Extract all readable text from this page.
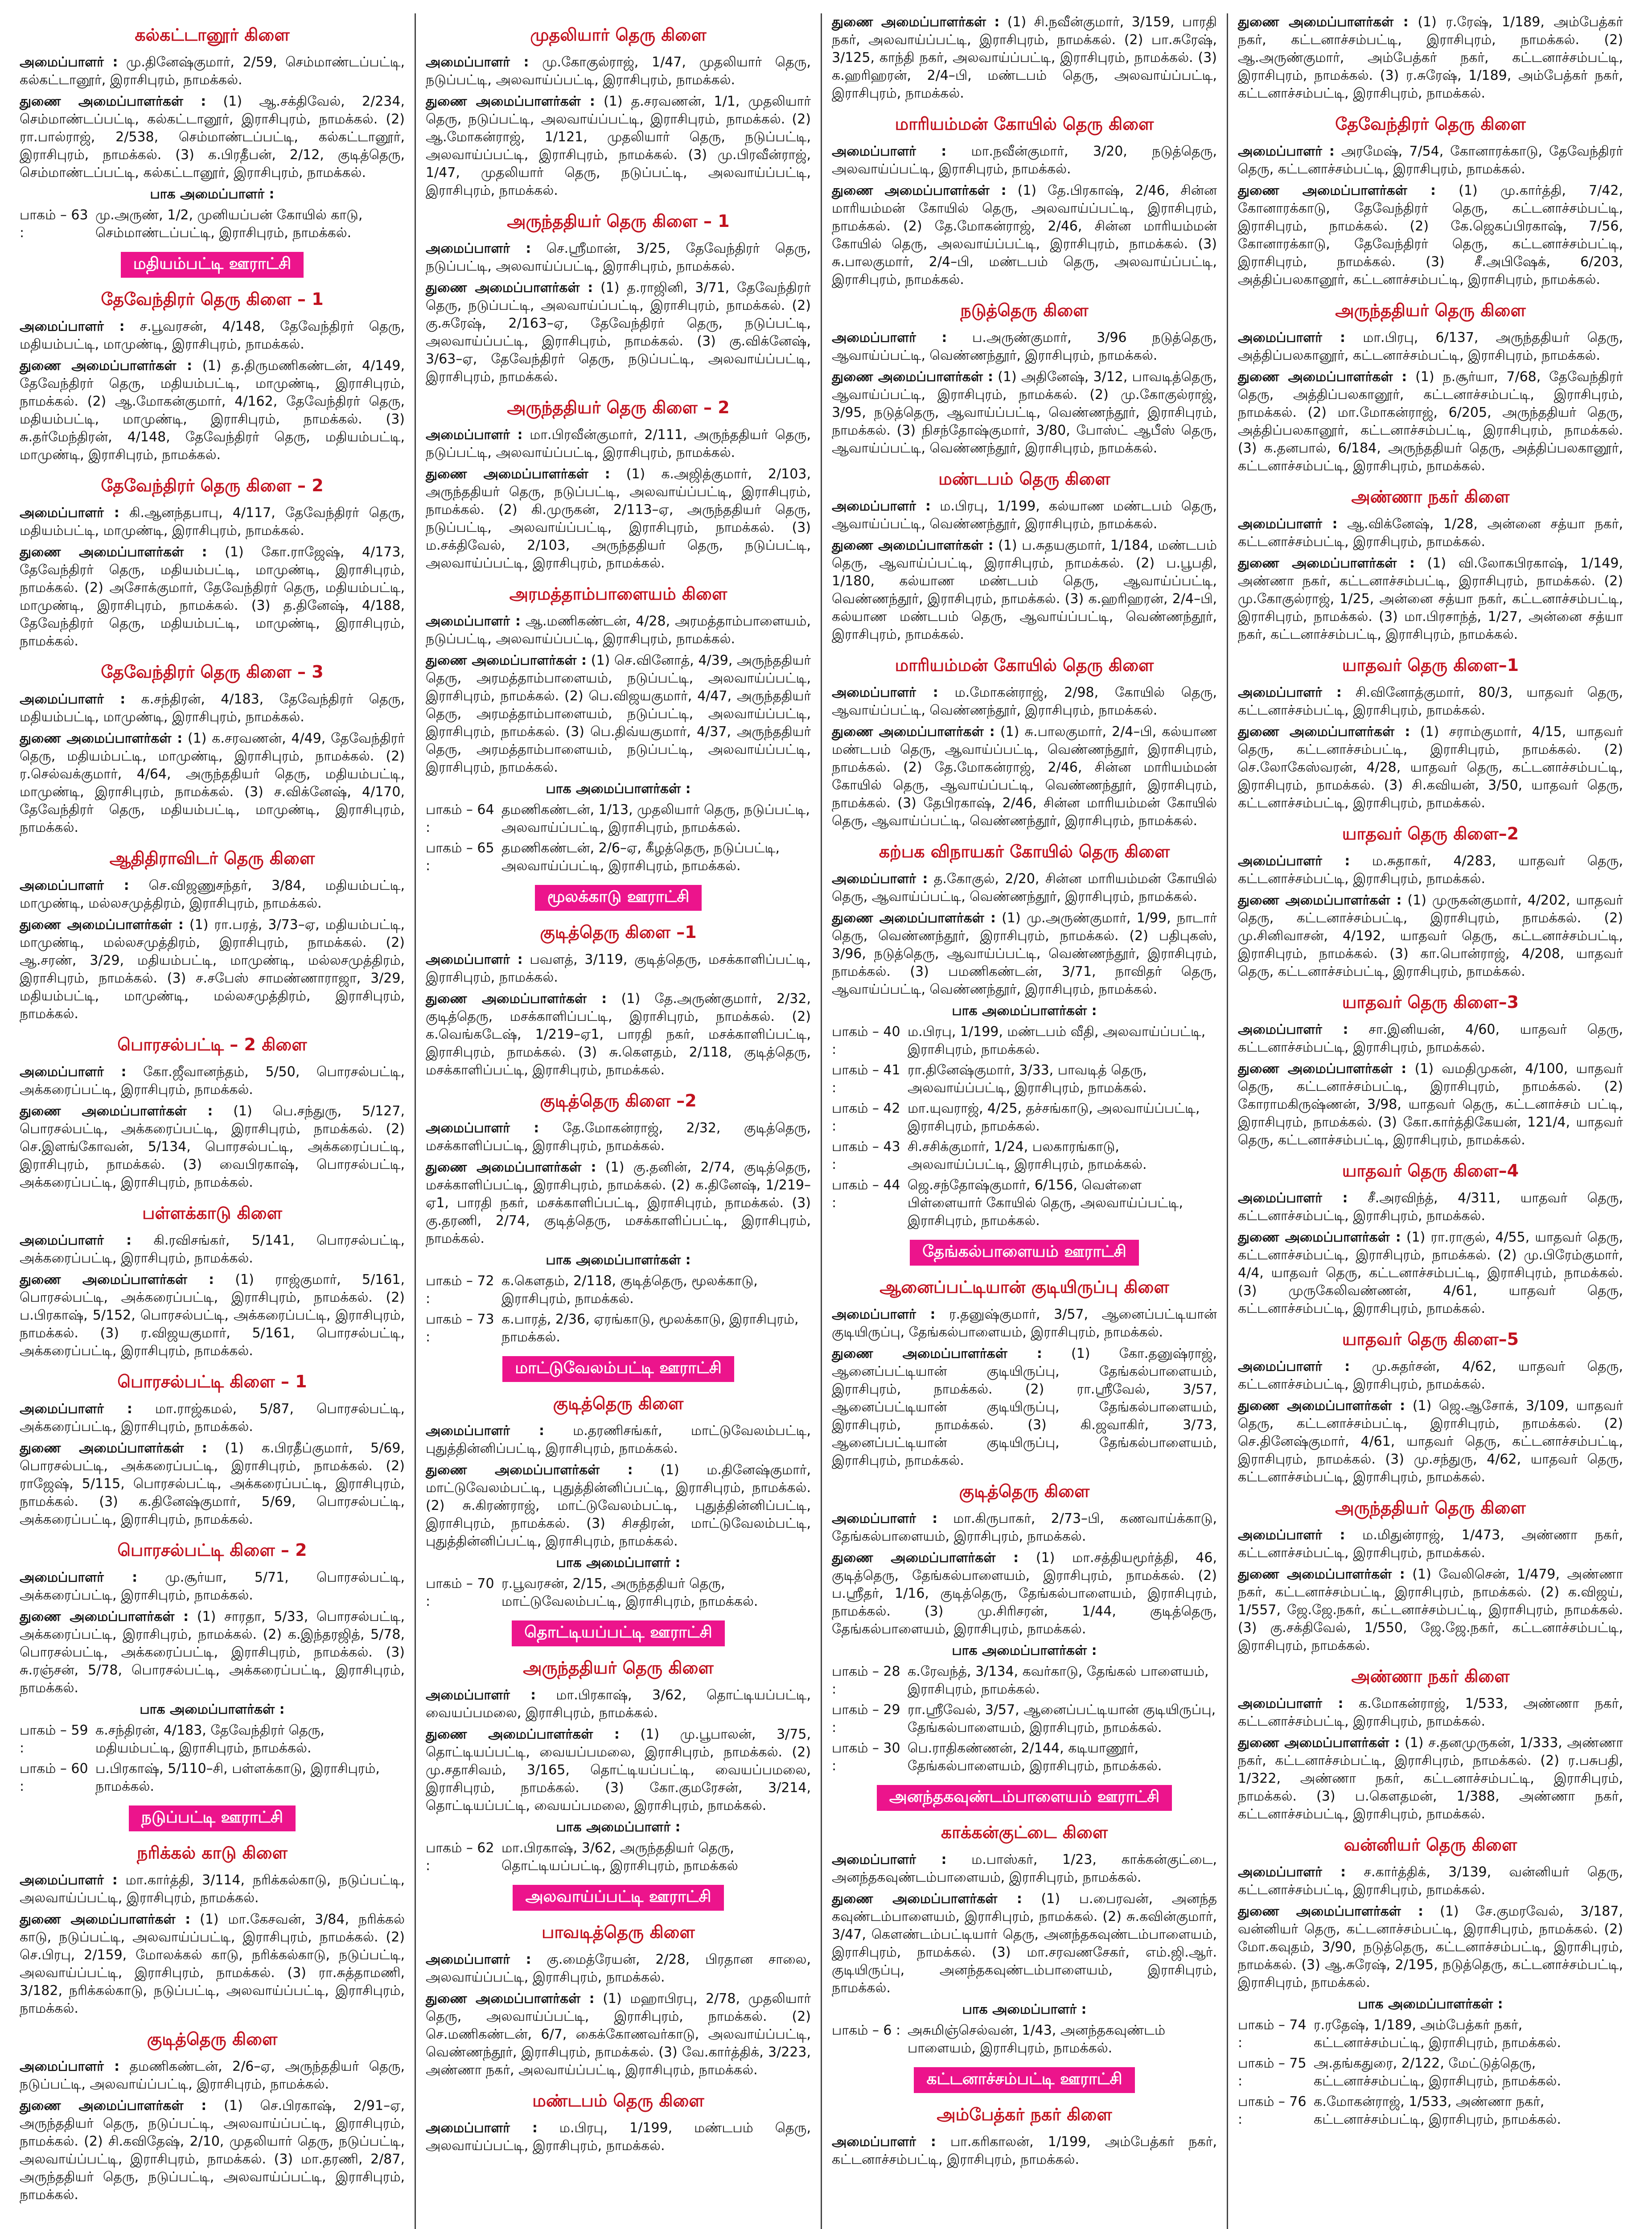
கல்கட்டானூர் கிளை
அமைப்பாளர் : மு.தினேஷ்குமார், 2/59, செம்மாண்டப்பட்டி, கல்கட்டானூர், இராசிபுரம், நாமக்கல்.
துணை அமைப்பாளர்கள் : (1) ஆ.சக்திவேல், 2/234, செம்மாண்டப்பட்டி, கல்கட்டானூர், இராசிபுரம், நாமக்கல். (2) ரா.பால்ராஜ், 2/538, செம்மாண்டப்பட்டி, கல்கட்டானூர், இராசிபுரம், நாமக்கல். (3) க.பிரதீபன், 2/12, குடித்தெரு, செம்மாண்டப்பட்டி, கல்கட்டானூர், இராசிபுரம், நாமக்கல்.
பாக அமைப்பாளர் :
பாகம் – 63 :
மு.அருண், 1/2, முனியப்பன் கோயில் காடு, செம்மாண்டப்பட்டி, இராசிபுரம், நாமக்கல்.
மதியம்பட்டி ஊராட்சி
தேவேந்திரர் தெரு கிளை – 1
அமைப்பாளர் : ச.பூவரசன், 4/148, தேவேந்திரர் தெரு, மதியம்பட்டி, மாமுண்டி, இராசிபுரம், நாமக்கல்.
துணை அமைப்பாளர்கள் : (1) த.திருமணிகண்டன், 4/149, தேவேந்திரர் தெரு, மதியம்பட்டி, மாமுண்டி, இராசிபுரம், நாமக்கல். (2) ஆ.மோகன்குமார், 4/162, தேவேந்திரர் தெரு, மதியம்பட்டி, மாமுண்டி, இராசிபுரம், நாமக்கல். (3) சு.தர்மேந்திரன், 4/148, தேவேந்திரர் தெரு, மதியம்பட்டி, மாமுண்டி, இராசிபுரம், நாமக்கல்.
தேவேந்திரர் தெரு கிளை – 2
அமைப்பாளர் : கி.ஆனந்தபாபு, 4/117, தேவேந்திரர் தெரு, மதியம்பட்டி, மாமுண்டி, இராசிபுரம், நாமக்கல்.
துணை அமைப்பாளர்கள் : (1) கோ.ராஜேஷ், 4/173, தேவேந்திரர் தெரு, மதியம்பட்டி, மாமுண்டி, இராசிபுரம், நாமக்கல். (2) அசோக்குமார், தேவேந்திரர் தெரு, மதியம்பட்டி, மாமுண்டி, இராசிபுரம், நாமக்கல். (3) த.தினேஷ், 4/188, தேவேந்திரர் தெரு, மதியம்பட்டி, மாமுண்டி, இராசிபுரம், நாமக்கல்.
தேவேந்திரர் தெரு கிளை – 3
அமைப்பாளர் : க.சந்திரன், 4/183, தேவேந்திரர் தெரு, மதியம்பட்டி, மாமுண்டி, இராசிபுரம், நாமக்கல்.
துணை அமைப்பாளர்கள் : (1) க.சரவணன், 4/49, தேவேந்திரர் தெரு, மதியம்பட்டி, மாமுண்டி, இராசிபுரம், நாமக்கல். (2) ர.செல்வக்குமார், 4/64, அருந்ததியர் தெரு, மதியம்பட்டி, மாமுண்டி, இராசிபுரம், நாமக்கல். (3) ச.விக்னேஷ், 4/170, தேவேந்திரர் தெரு, மதியம்பட்டி, மாமுண்டி, இராசிபுரம், நாமக்கல்.
ஆதிதிராவிடர் தெரு கிளை
அமைப்பாளர் : செ.விஜணுசந்தர், 3/84, மதியம்பட்டி, மாமுண்டி, மல்லசமுத்திரம், இராசிபுரம், நாமக்கல்.
துணை அமைப்பாளர்கள் : (1) ரா.பரத், 3/73–ஏ, மதியம்பட்டி, மாமுண்டி, மல்லசமுத்திரம், இராசிபுரம், நாமக்கல். (2) ஆ.சரண், 3/29, மதியம்பட்டி, மாமுண்டி, மல்லசமுத்திரம், இராசிபுரம், நாமக்கல். (3) ச.சபேஸ் சாமண்ணாராஜா, 3/29, மதியம்பட்டி, மாமுண்டி, மல்லசமுத்திரம், இராசிபுரம், நாமக்கல்.
பொரசல்பட்டி – 2 கிளை
அமைப்பாளர் : கோ.ஜீவானந்தம், 5/50, பொரசல்பட்டி, அக்கரைப்பட்டி, இராசிபுரம், நாமக்கல்.
துணை அமைப்பாளர்கள் : (1) பெ.சந்துரு, 5/127, பொரசல்பட்டி, அக்கரைப்பட்டி, இராசிபுரம், நாமக்கல். (2) செ.இளங்கோவன், 5/134, பொரசல்பட்டி, அக்கரைப்பட்டி, இராசிபுரம், நாமக்கல். (3) வைபிரகாஷ், பொரசல்பட்டி, அக்கரைப்பட்டி, இராசிபுரம், நாமக்கல்.
பள்ளக்காடு கிளை
அமைப்பாளர் : கி.ரவிசங்கர், 5/141, பொரசல்பட்டி, அக்கரைப்பட்டி, இராசிபுரம், நாமக்கல்.
துணை அமைப்பாளர்கள் : (1) ராஜ்குமார், 5/161, பொரசல்பட்டி, அக்கரைப்பட்டி, இராசிபுரம், நாமக்கல். (2) ப.பிரகாஷ், 5/152, பொரசல்பட்டி, அக்கரைப்பட்டி, இராசிபுரம், நாமக்கல். (3) ர.விஜயகுமார், 5/161, பொரசல்பட்டி, அக்கரைப்பட்டி, இராசிபுரம், நாமக்கல்.
பொரசல்பட்டி கிளை – 1
அமைப்பாளர் : மா.ராஜ்கமல், 5/87, பொரசல்பட்டி, அக்கரைப்பட்டி, இராசிபுரம், நாமக்கல்.
துணை அமைப்பாளர்கள் : (1) க.பிரதீப்குமார், 5/69, பொரசல்பட்டி, அக்கரைப்பட்டி, இராசிபுரம், நாமக்கல். (2) ராஜேஷ், 5/115, பொரசல்பட்டி, அக்கரைப்பட்டி, இராசிபுரம், நாமக்கல். (3) க.தினேஷ்குமார், 5/69, பொரசல்பட்டி, அக்கரைப்பட்டி, இராசிபுரம், நாமக்கல்.
பொரசல்பட்டி கிளை – 2
அமைப்பாளர் : மு.சூர்யா, 5/71, பொரசல்பட்டி, அக்கரைப்பட்டி, இராசிபுரம், நாமக்கல்.
துணை அமைப்பாளர்கள் : (1) சாரதா, 5/33, பொரசல்பட்டி, அக்கரைப்பட்டி, இராசிபுரம், நாமக்கல். (2) க.இந்தரஜித், 5/78, பொரசல்பட்டி, அக்கரைப்பட்டி, இராசிபுரம், நாமக்கல். (3) சு.ரஞ்சன், 5/78, பொரசல்பட்டி, அக்கரைப்பட்டி, இராசிபுரம், நாமக்கல்.
பாக அமைப்பாளர்கள் :
பாகம் – 59 :
க.சந்திரன், 4/183, தேவேந்திரர் தெரு, மதியம்பட்டி, இராசிபுரம், நாமக்கல்.
பாகம் – 60 :
ப.பிரகாஷ், 5/110–சி, பள்ளக்காடு, இராசிபுரம், நாமக்கல்.
நடுப்பட்டி ஊராட்சி
நரிக்கல் காடு கிளை
அமைப்பாளர் : மா.கார்த்தி, 3/114, நரிக்கல்காடு, நடுப்பட்டி, அலவாய்ப்பட்டி, இராசிபுரம், நாமக்கல்.
துணை அமைப்பாளர்கள் : (1) மா.கேசவன், 3/84, நரிக்கல் காடு, நடுப்பட்டி, அலவாய்ப்பட்டி, இராசிபுரம், நாமக்கல். (2) செ.பிரபு, 2/159, மோலக்கல் காடு, நரிக்கல்காடு, நடுப்பட்டி, அலவாய்ப்பட்டி, இராசிபுரம், நாமக்கல். (3) ரா.சுத்தாமணி, 3/182, நரிக்கல்காடு, நடுப்பட்டி, அலவாய்ப்பட்டி, இராசிபுரம், நாமக்கல்.
குடித்தெரு கிளை
அமைப்பாளர் : தமணிகண்டன், 2/6–ஏ, அருந்ததியர் தெரு, நடுப்பட்டி, அலவாய்ப்பட்டி, இராசிபுரம், நாமக்கல்.
துணை அமைப்பாளர்கள் : (1) செ.பிரகாஷ், 2/91–ஏ, அருந்ததியர் தெரு, நடுப்பட்டி, அலவாய்ப்பட்டி, இராசிபுரம், நாமக்கல். (2) சி.கவிதேஷ், 2/10, முதலியார் தெரு, நடுப்பட்டி, அலவாய்ப்பட்டி, இராசிபுரம், நாமக்கல். (3) மா.தரணி, 2/87, அருந்ததியர் தெரு, நடுப்பட்டி, அலவாய்ப்பட்டி, இராசிபுரம், நாமக்கல்.
முதலியார் தெரு கிளை
அமைப்பாளர் : மு.கோகுல்ராஜ், 1/47, முதலியார் தெரு, நடுப்பட்டி, அலவாய்ப்பட்டி, இராசிபுரம், நாமக்கல்.
துணை அமைப்பாளர்கள் : (1) த.சரவணன், 1/1, முதலியார் தெரு, நடுப்பட்டி, அலவாய்ப்பட்டி, இராசிபுரம், நாமக்கல். (2) ஆ.மோகன்ராஜ், 1/121, முதலியார் தெரு, நடுப்பட்டி, அலவாய்ப்பட்டி, இராசிபுரம், நாமக்கல். (3) மு.பிரவீன்ராஜ், 1/47, முதலியார் தெரு, நடுப்பட்டி, அலவாய்ப்பட்டி, இராசிபுரம், நாமக்கல்.
அருந்ததியர் தெரு கிளை – 1
அமைப்பாளர் : செ.ஸ்ரீமான், 3/25, தேவேந்திரர் தெரு, நடுப்பட்டி, அலவாய்ப்பட்டி, இராசிபுரம், நாமக்கல்.
துணை அமைப்பாளர்கள் : (1) த.ராஜினி, 3/71, தேவேந்திரர் தெரு, நடுப்பட்டி, அலவாய்ப்பட்டி, இராசிபுரம், நாமக்கல். (2) கு.சுரேஷ், 2/163–ஏ, தேவேந்திரர் தெரு, நடுப்பட்டி, அலவாய்ப்பட்டி, இராசிபுரம், நாமக்கல். (3) கு.விக்னேஷ், 3/63–ஏ, தேவேந்திரர் தெரு, நடுப்பட்டி, அலவாய்ப்பட்டி, இராசிபுரம், நாமக்கல்.
அருந்ததியர் தெரு கிளை – 2
அமைப்பாளர் : மா.பிரவீன்குமார், 2/111, அருந்ததியர் தெரு, நடுப்பட்டி, அலவாய்ப்பட்டி, இராசிபுரம், நாமக்கல்.
துணை அமைப்பாளர்கள் : (1) க.அஜித்குமார், 2/103, அருந்ததியர் தெரு, நடுப்பட்டி, அலவாய்ப்பட்டி, இராசிபுரம், நாமக்கல். (2) கி.முருகன், 2/113–ஏ, அருந்ததியர் தெரு, நடுப்பட்டி, அலவாய்ப்பட்டி, இராசிபுரம், நாமக்கல். (3) ம.சக்திவேல், 2/103, அருந்ததியர் தெரு, நடுப்பட்டி, அலவாய்ப்பட்டி, இராசிபுரம், நாமக்கல்.
அரமத்தாம்பாளையம் கிளை
அமைப்பாளர் : ஆ.மணிகண்டன், 4/28, அரமத்தாம்பாளையம், நடுப்பட்டி, அலவாய்ப்பட்டி, இராசிபுரம், நாமக்கல்.
துணை அமைப்பாளர்கள் : (1) செ.வினோத், 4/39, அருந்ததியர் தெரு, அரமத்தாம்பாளையம், நடுப்பட்டி, அலவாய்ப்பட்டி, இராசிபுரம், நாமக்கல். (2) பெ.விஜயகுமார், 4/47, அருந்ததியர் தெரு, அரமத்தாம்பாளையம், நடுப்பட்டி, அலவாய்ப்பட்டி, இராசிபுரம், நாமக்கல். (3) பெ.திவ்யகுமார், 4/37, அருந்ததியர் தெரு, அரமத்தாம்பாளையம், நடுப்பட்டி, அலவாய்ப்பட்டி, இராசிபுரம், நாமக்கல்.
பாக அமைப்பாளர்கள் :
பாகம் – 64 :
தமணிகண்டன், 1/13, முதலியார் தெரு, நடுப்பட்டி, அலவாய்ப்பட்டி, இராசிபுரம், நாமக்கல்.
பாகம் – 65 :
தமணிகண்டன், 2/6–ஏ, கீழத்தெரு, நடுப்பட்டி, அலவாய்ப்பட்டி, இராசிபுரம், நாமக்கல்.
மூலக்காடு ஊராட்சி
குடித்தெரு கிளை –1
அமைப்பாளர் : பவளத், 3/119, குடித்தெரு, மசக்காளிப்பட்டி, இராசிபுரம், நாமக்கல்.
துணை அமைப்பாளர்கள் : (1) தே.அருண்குமார், 2/32, குடித்தெரு, மசக்காளிப்பட்டி, இராசிபுரம், நாமக்கல். (2) க.வெங்கடேஷ், 1/219–ஏ1, பாரதி நகர், மசக்காளிப்பட்டி, இராசிபுரம், நாமக்கல். (3) சு.கௌதம், 2/118, குடித்தெரு, மசக்காளிப்பட்டி, இராசிபுரம், நாமக்கல்.
குடித்தெரு கிளை –2
அமைப்பாளர் : தே.மோகன்ராஜ், 2/32, குடித்தெரு, மசக்காளிப்பட்டி, இராசிபுரம், நாமக்கல்.
துணை அமைப்பாளர்கள் : (1) கு.தனின், 2/74, குடித்தெரு, மசக்காளிப்பட்டி, இராசிபுரம், நாமக்கல். (2) க.தினேஷ், 1/219–ஏ1, பாரதி நகர், மசக்காளிப்பட்டி, இராசிபுரம், நாமக்கல். (3) கு.தரணி, 2/74, குடித்தெரு, மசக்காளிப்பட்டி, இராசிபுரம், நாமக்கல்.
பாக அமைப்பாளர்கள் :
பாகம் – 72 :
க.கௌதம், 2/118, குடித்தெரு, மூலக்காடு, இராசிபுரம், நாமக்கல்.
பாகம் – 73 :
க.பாரத், 2/36, ஏரங்காடு, மூலக்காடு, இராசிபுரம், நாமக்கல்.
மாட்டுவேலம்பட்டி ஊராட்சி
குடித்தெரு கிளை
அமைப்பாளர் : ம.தரணிசங்கர், மாட்டுவேலம்பட்டி, புதுத்தின்னிப்பட்டி, இராசிபுரம், நாமக்கல்.
துணை அமைப்பாளர்கள் : (1) ம.தினேஷ்குமார், மாட்டுவேலம்பட்டி, புதுத்தின்னிப்பட்டி, இராசிபுரம், நாமக்கல். (2) சு.கிரண்ராஜ், மாட்டுவேலம்பட்டி, புதுத்தின்னிப்பட்டி, இராசிபுரம், நாமக்கல். (3) சிசதிரன், மாட்டுவேலம்பட்டி, புதுத்தின்னிப்பட்டி, இராசிபுரம், நாமக்கல்.
பாக அமைப்பாளர் :
பாகம் – 70 :
ர.பூவரசன், 2/15, அருந்ததியர் தெரு, மாட்டுவேலம்பட்டி, இராசிபுரம், நாமக்கல்.
தொட்டியப்பட்டி ஊராட்சி
அருந்ததியர் தெரு கிளை
அமைப்பாளர் : மா.பிரகாஷ், 3/62, தொட்டியப்பட்டி, வையப்பமலை, இராசிபுரம், நாமக்கல்.
துணை அமைப்பாளர்கள் : (1) மு.பூபாலன், 3/75, தொட்டியப்பட்டி, வையப்பமலை, இராசிபுரம், நாமக்கல். (2) மு.சதாசிவம், 3/165, தொட்டியப்பட்டி, வையப்பமலை, இராசிபுரம், நாமக்கல். (3) கோ.குமரேசன், 3/214, தொட்டியப்பட்டி, வையப்பமலை, இராசிபுரம், நாமக்கல்.
பாக அமைப்பாளர் :
பாகம் – 62 :
மா.பிரகாஷ், 3/62, அருந்ததியர் தெரு, தொட்டியப்பட்டி, இராசிபுரம், நாமக்கல்
அலவாய்ப்பட்டி ஊராட்சி
பாவடித்தெரு கிளை
அமைப்பாளர் : கு.மைத்ரேயன், 2/28, பிரதான சாலை, அலவாய்ப்பட்டி, இராசிபுரம், நாமக்கல்.
துணை அமைப்பாளர்கள் : (1) மஹாபிரபு, 2/78, முதலியார் தெரு, அலவாய்ப்பட்டி, இராசிபுரம், நாமக்கல். (2) செ.மணிகண்டன், 6/7, கைக்கோணவர்காடு, அலவாய்ப்பட்டி, வெண்ணந்தூர், இராசிபுரம், நாமக்கல். (3) வே.கார்த்திக், 3/223, அண்ணா நகர், அலவாய்ப்பட்டி, இராசிபுரம், நாமக்கல்.
மண்டபம் தெரு கிளை
அமைப்பாளர் : ம.பிரபு, 1/199, மண்டபம் தெரு, அலவாய்ப்பட்டி, இராசிபுரம், நாமக்கல்.
துணை அமைப்பாளர்கள் : (1) சி.நவீன்குமார், 3/159, பாரதி நகர், அலவாய்ப்பட்டி, இராசிபுரம், நாமக்கல். (2) பா.சுரேஷ், 3/125, காந்தி நகர், அலவாய்ப்பட்டி, இராசிபுரம், நாமக்கல். (3) க.ஹரிஹரன், 2/4–பி, மண்டபம் தெரு, அலவாய்ப்பட்டி, இராசிபுரம், நாமக்கல்.
மாரியம்மன் கோயில் தெரு கிளை
அமைப்பாளர் : மா.நவீன்குமார், 3/20, நடுத்தெரு, அலவாய்ப்பட்டி, இராசிபுரம், நாமக்கல்.
துணை அமைப்பாளர்கள் : (1) தே.பிரகாஷ், 2/46, சின்ன மாரியம்மன் கோயில் தெரு, அலவாய்ப்பட்டி, இராசிபுரம், நாமக்கல். (2) தே.மோகன்ராஜ், 2/46, சின்ன மாரியம்மன் கோயில் தெரு, அலவாய்ப்பட்டி, இராசிபுரம், நாமக்கல். (3) சு.பாலகுமார், 2/4–பி, மண்டபம் தெரு, அலவாய்ப்பட்டி, இராசிபுரம், நாமக்கல்.
நடுத்தெரு கிளை
அமைப்பாளர் : ப.அருண்குமார், 3/96 நடுத்தெரு, ஆவாய்ப்பட்டி, வெண்ணந்தூர், இராசிபுரம், நாமக்கல்.
துணை அமைப்பாளர்கள் : (1) அதினேஷ், 3/12, பாவடித்தெரு, ஆவாய்ப்பட்டி, இராசிபுரம், நாமக்கல். (2) மு.கோகுல்ராஜ், 3/95, நடுத்தெரு, ஆவாய்ப்பட்டி, வெண்ணந்தூர், இராசிபுரம், நாமக்கல். (3) நிசந்தோஷ்குமார், 3/80, போஸ்ட் ஆபீஸ் தெரு, ஆவாய்ப்பட்டி, வெண்ணந்தூர், இராசிபுரம், நாமக்கல்.
மண்டபம் தெரு கிளை
அமைப்பாளர் : ம.பிரபு, 1/199, கல்யாண மண்டபம் தெரு, ஆவாய்ப்பட்டி, வெண்ணந்தூர், இராசிபுரம், நாமக்கல்.
துணை அமைப்பாளர்கள் : (1) ப.சுதயகுமார், 1/184, மண்டபம் தெரு, ஆவாய்ப்பட்டி, இராசிபுரம், நாமக்கல். (2) ப.பூபதி, 1/180, கல்யாண மண்டபம் தெரு, ஆவாய்ப்பட்டி, வெண்ணந்தூர், இராசிபுரம், நாமக்கல். (3) க.ஹரிஹரன், 2/4–பி, கல்யாண மண்டபம் தெரு, ஆவாய்ப்பட்டி, வெண்ணந்தூர், இராசிபுரம், நாமக்கல்.
மாரியம்மன் கோயில் தெரு கிளை
அமைப்பாளர் : ம.மோகன்ராஜ், 2/98, கோயில் தெரு, ஆவாய்ப்பட்டி, வெண்ணந்தூர், இராசிபுரம், நாமக்கல்.
துணை அமைப்பாளர்கள் : (1) சு.பாலகுமார், 2/4–பி, கல்யாண மண்டபம் தெரு, ஆவாய்ப்பட்டி, வெண்ணந்தூர், இராசிபுரம், நாமக்கல். (2) தே.மோகன்ராஜ், 2/46, சின்ன மாரியம்மன் கோயில் தெரு, ஆவாய்ப்பட்டி, வெண்ணந்தூர், இராசிபுரம், நாமக்கல். (3) தேபிரகாஷ், 2/46, சின்ன மாரியம்மன் கோயில் தெரு, ஆவாய்ப்பட்டி, வெண்ணந்தூர், இராசிபுரம், நாமக்கல்.
கற்பக விநாயகர் கோயில் தெரு கிளை
அமைப்பாளர் : த.கோகுல், 2/20, சின்ன மாரியம்மன் கோயில் தெரு, ஆவாய்ப்பட்டி, வெண்ணந்தூர், இராசிபுரம், நாமக்கல்.
துணை அமைப்பாளர்கள் : (1) மு.அருண்குமார், 1/99, நாடார் தெரு, வெண்ணந்தூர், இராசிபுரம், நாமக்கல். (2) பதிபுகஸ், 3/96, நடுத்தெரு, ஆவாய்ப்பட்டி, வெண்ணந்தூர், இராசிபுரம், நாமக்கல். (3) பமணிகண்டன், 3/71, நாவிதர் தெரு, ஆவாய்ப்பட்டி, வெண்ணந்தூர், இராசிபுரம், நாமக்கல்.
பாக அமைப்பாளர்கள் :
பாகம் – 40 :
ம.பிரபு, 1/199, மண்டபம் வீதி, அலவாய்ப்பட்டி, இராசிபுரம், நாமக்கல்.
பாகம் – 41 :
ரா.தினேஷ்குமார், 3/33, பாவடித் தெரு, அலவாய்ப்பட்டி, இராசிபுரம், நாமக்கல்.
பாகம் – 42 :
மா.யுவராஜ், 4/25, தச்சங்காடு, அலவாய்ப்பட்டி, இராசிபுரம், நாமக்கல்.
பாகம் – 43 :
சி.சசிக்குமார், 1/24, பலகாரங்காடு, அலவாய்ப்பட்டி, இராசிபுரம், நாமக்கல்.
பாகம் – 44 :
ஜெ.சந்தோஷ்குமார், 6/156, வெள்ளை பிள்ளையார் கோயில் தெரு, அலவாய்ப்பட்டி, இராசிபுரம், நாமக்கல்.
தேங்கல்பாளையம் ஊராட்சி
ஆனைப்பட்டியான் குடியிருப்பு கிளை
அமைப்பாளர் : ர.தனுஷ்குமார், 3/57, ஆனைப்பட்டியான் குடியிருப்பு, தேங்கல்பாளையம், இராசிபுரம், நாமக்கல்.
துணை அமைப்பாளர்கள் : (1) கோ.தனுஷ்ராஜ், ஆனைப்பட்டியான் குடியிருப்பு, தேங்கல்பாளையம், இராசிபுரம், நாமக்கல். (2) ரா.ஸ்ரீவேல், 3/57, ஆனைப்பட்டியான் குடியிருப்பு, தேங்கல்பாளையம், இராசிபுரம், நாமக்கல். (3) கி.ஜவாகிர், 3/73, ஆனைப்பட்டியான் குடியிருப்பு, தேங்கல்பாளையம், இராசிபுரம், நாமக்கல்.
குடித்தெரு கிளை
அமைப்பாளர் : மா.கிருபாகர், 2/73–பி, கணவாய்க்காடு, தேங்கல்பாளையம், இராசிபுரம், நாமக்கல்.
துணை அமைப்பாளர்கள் : (1) மா.சத்தியமூர்த்தி, 46, குடித்தெரு, தேங்கல்பாளையம், இராசிபுரம், நாமக்கல். (2) ப.ஸ்ரீதர், 1/16, குடித்தெரு, தேங்கல்பாளையம், இராசிபுரம், நாமக்கல். (3) மு.சிரிசரன், 1/44, குடித்தெரு, தேங்கல்பாளையம், இராசிபுரம், நாமக்கல்.
பாக அமைப்பாளர்கள் :
பாகம் – 28 :
க.ரேவந்த், 3/134, கவர்காடு, தேங்கல் பாளையம், இராசிபுரம், நாமக்கல்.
பாகம் – 29 :
ரா.ஸ்ரீவேல், 3/57, ஆனைப்பட்டியான் குடியிருப்பு, தேங்கல்பாளையம், இராசிபுரம், நாமக்கல்.
பாகம் – 30 :
பெ.ராதிகண்ணன், 2/144, கடியாணூர், தேங்கல்பாளையம், இராசிபுரம், நாமக்கல்.
அனந்தகவுண்டம்பாளையம் ஊராட்சி
காக்கன்குட்டை கிளை
அமைப்பாளர் : ம.பாஸ்கர், 1/23, காக்கன்குட்டை, அனந்தகவுண்டம்பாளையம், இராசிபுரம், நாமக்கல்.
துணை அமைப்பாளர்கள் : (1) ப.பைரவன், அனந்த கவுண்டம்பாளையம், இராசிபுரம், நாமக்கல். (2) சு.கவின்குமார், 3/47, கௌண்டம்பட்டியார் தெரு, அனந்தகவுண்டம்பாளையம், இராசிபுரம், நாமக்கல். (3) மா.சரவணசேகர், எம்.ஜி.ஆர். குடியிருப்பு, அனந்தகவுண்டம்பாளையம், இராசிபுரம், நாமக்கல்.
பாக அமைப்பாளர் :
பாகம் – 6 : அசுமிஞ்செல்வன், 1/43, அனந்தகவுண்டம் பாளையம், இராசிபுரம், நாமக்கல்.
கட்டனாச்சம்பட்டி ஊராட்சி
அம்பேத்கர் நகர் கிளை
அமைப்பாளர் : பா.கரிகாலன், 1/199, அம்பேத்கர் நகர், கட்டனாச்சம்பட்டி, இராசிபுரம், நாமக்கல்.
துணை அமைப்பாளர்கள் : (1) ர.ரேஷ், 1/189, அம்பேத்கர் நகர், கட்டனாச்சம்பட்டி, இராசிபுரம், நாமக்கல். (2) ஆ.அருண்குமார், அம்பேத்கர் நகர், கட்டனாச்சம்பட்டி, இராசிபுரம், நாமக்கல். (3) ர.சுரேஷ், 1/189, அம்பேத்கர் நகர், கட்டனாச்சம்பட்டி, இராசிபுரம், நாமக்கல்.
தேவேந்திரர் தெரு கிளை
அமைப்பாளர் : அரமேஷ், 7/54, கோனாரக்காடு, தேவேந்திரர் தெரு, கட்டனாச்சம்பட்டி, இராசிபுரம், நாமக்கல்.
துணை அமைப்பாளர்கள் : (1) மு.கார்த்தி, 7/42, கோனாரக்காடு, தேவேந்திரர் தெரு, கட்டனாச்சம்பட்டி, இராசிபுரம், நாமக்கல். (2) கே.ஜெகப்பிரகாஷ், 7/56, கோனாரக்காடு, தேவேந்திரர் தெரு, கட்டனாச்சம்பட்டி, இராசிபுரம், நாமக்கல். (3) சீ.அபிஷேக், 6/203, அத்திப்பலகானூர், கட்டனாச்சம்பட்டி, இராசிபுரம், நாமக்கல்.
அருந்ததியர் தெரு கிளை
அமைப்பாளர் : மா.பிரபு, 6/137, அருந்ததியர் தெரு, அத்திப்பலகானூர், கட்டனாச்சம்பட்டி, இராசிபுரம், நாமக்கல்.
துணை அமைப்பாளர்கள் : (1) ந.சூர்யா, 7/68, தேவேந்திரர் தெரு, அத்திப்பலகானூர், கட்டனாச்சம்பட்டி, இராசிபுரம், நாமக்கல். (2) மா.மோகன்ராஜ், 6/205, அருந்ததியர் தெரு, அத்திப்பலகானூர், கட்டனாச்சம்பட்டி, இராசிபுரம், நாமக்கல். (3) க.தனபால், 6/184, அருந்ததியர் தெரு, அத்திப்பலகானூர், கட்டனாச்சம்பட்டி, இராசிபுரம், நாமக்கல்.
அண்ணா நகர் கிளை
அமைப்பாளர் : ஆ.விக்னேஷ், 1/28, அன்னை சத்யா நகர், கட்டனாச்சம்பட்டி, இராசிபுரம், நாமக்கல்.
துணை அமைப்பாளர்கள் : (1) வி.லோகபிரகாஷ், 1/149, அண்ணா நகர், கட்டனாச்சம்பட்டி, இராசிபுரம், நாமக்கல். (2) மு.கோகுல்ராஜ், 1/25, அன்னை சத்யா நகர், கட்டனாச்சம்பட்டி, இராசிபுரம், நாமக்கல். (3) மா.பிரசாந்த், 1/27, அன்னை சத்யா நகர், கட்டனாச்சம்பட்டி, இராசிபுரம், நாமக்கல்.
யாதவர் தெரு கிளை–1
அமைப்பாளர் : சி.வினோத்குமார், 80/3, யாதவர் தெரு, கட்டனாச்சம்பட்டி, இராசிபுரம், நாமக்கல்.
துணை அமைப்பாளர்கள் : (1) சராம்குமார், 4/15, யாதவர் தெரு, கட்டனாச்சம்பட்டி, இராசிபுரம், நாமக்கல். (2) செ.லோகேஸ்வரன், 4/28, யாதவர் தெரு, கட்டனாச்சம்பட்டி, இராசிபுரம், நாமக்கல். (3) சி.கவியன், 3/50, யாதவர் தெரு, கட்டனாச்சம்பட்டி, இராசிபுரம், நாமக்கல்.
யாதவர் தெரு கிளை–2
அமைப்பாளர் : ம.சுதாகர், 4/283, யாதவர் தெரு, கட்டனாச்சம்பட்டி, இராசிபுரம், நாமக்கல்.
துணை அமைப்பாளர்கள் : (1) முருகன்குமார், 4/202, யாதவர் தெரு, கட்டனாச்சம்பட்டி, இராசிபுரம், நாமக்கல். (2) மு.சினிவாசன், 4/192, யாதவர் தெரு, கட்டனாச்சம்பட்டி, இராசிபுரம், நாமக்கல். (3) கா.பொன்ராஜ், 4/208, யாதவர் தெரு, கட்டனாச்சம்பட்டி, இராசிபுரம், நாமக்கல்.
யாதவர் தெரு கிளை–3
அமைப்பாளர் : சா.இனியன், 4/60, யாதவர் தெரு, கட்டனாச்சம்பட்டி, இராசிபுரம், நாமக்கல்.
துணை அமைப்பாளர்கள் : (1) வமதிமுகன், 4/100, யாதவர் தெரு, கட்டனாச்சம்பட்டி, இராசிபுரம், நாமக்கல். (2) கோராமகிருஷ்ணன், 3/98, யாதவர் தெரு, கட்டனாச்சம் பட்டி, இராசிபுரம், நாமக்கல். (3) கோ.கார்த்திகேயன், 121/4, யாதவர் தெரு, கட்டனாச்சம்பட்டி, இராசிபுரம், நாமக்கல்.
யாதவர் தெரு கிளை–4
அமைப்பாளர் : சீ.அரவிந்த், 4/311, யாதவர் தெரு, கட்டனாச்சம்பட்டி, இராசிபுரம், நாமக்கல்.
துணை அமைப்பாளர்கள் : (1) ரா.ராகுல், 4/55, யாதவர் தெரு, கட்டனாச்சம்பட்டி, இராசிபுரம், நாமக்கல். (2) மு.பிரேம்குமார், 4/4, யாதவர் தெரு, கட்டனாச்சம்பட்டி, இராசிபுரம், நாமக்கல். (3) முருகேலிவண்ணன், 4/61, யாதவர் தெரு, கட்டனாச்சம்பட்டி, இராசிபுரம், நாமக்கல்.
யாதவர் தெரு கிளை–5
அமைப்பாளர் : மு.சுதர்சன், 4/62, யாதவர் தெரு, கட்டனாச்சம்பட்டி, இராசிபுரம், நாமக்கல்.
துணை அமைப்பாளர்கள் : (1) ஜெ.ஆசோக், 3/109, யாதவர் தெரு, கட்டனாச்சம்பட்டி, இராசிபுரம், நாமக்கல். (2) செ.தினேஷ்குமார், 4/61, யாதவர் தெரு, கட்டனாச்சம்பட்டி, இராசிபுரம், நாமக்கல். (3) மு.சந்துரு, 4/62, யாதவர் தெரு, கட்டனாச்சம்பட்டி, இராசிபுரம், நாமக்கல்.
அருந்ததியர் தெரு கிளை
அமைப்பாளர் : ம.மிதுன்ராஜ், 1/473, அண்ணா நகர், கட்டனாச்சம்பட்டி, இராசிபுரம், நாமக்கல்.
துணை அமைப்பாளர்கள் : (1) வேலிசென், 1/479, அண்ணா நகர், கட்டனாச்சம்பட்டி, இராசிபுரம், நாமக்கல். (2) க.விஜய், 1/557, ஜே.ஜே.நகர், கட்டனாச்சம்பட்டி, இராசிபுரம், நாமக்கல். (3) கு.சக்திவேல், 1/550, ஜே.ஜே.நகர், கட்டனாச்சம்பட்டி, இராசிபுரம், நாமக்கல்.
அண்ணா நகர் கிளை
அமைப்பாளர் : க.மோகன்ராஜ், 1/533, அண்ணா நகர், கட்டனாச்சம்பட்டி, இராசிபுரம், நாமக்கல்.
துணை அமைப்பாளர்கள் : (1) ச.தனமுருகன், 1/333, அண்ணா நகர், கட்டனாச்சம்பட்டி, இராசிபுரம், நாமக்கல். (2) ர.பசுபதி, 1/322, அண்ணா நகர், கட்டனாச்சம்பட்டி, இராசிபுரம், நாமக்கல். (3) ப.கௌதமன், 1/388, அண்ணா நகர், கட்டனாச்சம்பட்டி, இராசிபுரம், நாமக்கல்.
வன்னியர் தெரு கிளை
அமைப்பாளர் : ச.கார்த்திக், 3/139, வன்னியர் தெரு, கட்டனாச்சம்பட்டி, இராசிபுரம், நாமக்கல்.
துணை அமைப்பாளர்கள் : (1) சே.குமரவேல், 3/187, வன்னியர் தெரு, கட்டனாச்சம்பட்டி, இராசிபுரம், நாமக்கல். (2) மோ.கவுதம், 3/90, நடுத்தெரு, கட்டனாச்சம்பட்டி, இராசிபுரம், நாமக்கல். (3) ஆ.சுரேஷ், 2/195, நடுத்தெரு, கட்டனாச்சம்பட்டி, இராசிபுரம், நாமக்கல்.
பாக அமைப்பாளர்கள் :
பாகம் – 74 :
ர.ரதேஷ், 1/189, அம்பேத்கர் நகர், கட்டனாச்சம்பட்டி, இராசிபுரம், நாமக்கல்.
பாகம் – 75 :
அ.தங்கதுரை, 2/122, மேட்டுத்தெரு, கட்டனாச்சம்பட்டி, இராசிபுரம், நாமக்கல்.
பாகம் – 76 :
க.மோகன்ராஜ், 1/533, அண்ணா நகர், கட்டனாச்சம்பட்டி, இராசிபுரம், நாமக்கல்.
